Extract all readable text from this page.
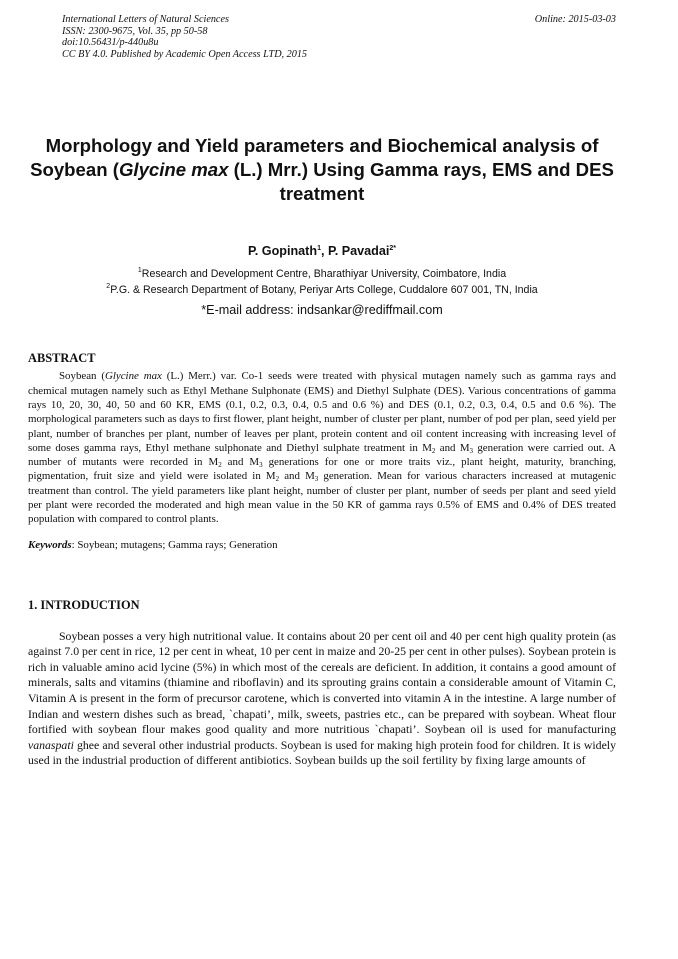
International Letters of Natural Sciences
ISSN: 2300-9675, Vol. 35, pp 50-58
doi:10.56431/p-440u8u
CC BY 4.0. Published by Academic Open Access LTD, 2015
Online: 2015-03-03
Morphology and Yield parameters and Biochemical analysis of Soybean (Glycine max (L.) Mrr.) Using Gamma rays, EMS and DES treatment
P. Gopinath$^1$, P. Pavadai$^{2*}$
$^1$Research and Development Centre, Bharathiyar University, Coimbatore, India
$^2$P.G. & Research Department of Botany, Periyar Arts College, Cuddalore 607 001, TN, India
*E-mail address: indsankar@rediffmail.com
ABSTRACT

Soybean (Glycine max (L.) Merr.) var. Co-1 seeds were treated with physical mutagen namely such as gamma rays and chemical mutagen namely such as Ethyl Methane Sulphonate (EMS) and Diethyl Sulphate (DES). Various concentrations of gamma rays 10, 20, 30, 40, 50 and 60 KR, EMS (0.1, 0.2, 0.3, 0.4, 0.5 and 0.6 %) and DES (0.1, 0.2, 0.3, 0.4, 0.5 and 0.6 %). The morphological parameters such as days to first flower, plant height, number of cluster per plant, number of pod per plan, seed yield per plant, number of branches per plant, number of leaves per plant, protein content and oil content increasing with increasing level of some doses gamma rays, Ethyl methane sulphonate and Diethyl sulphate treatment in $M_2$ and $M_3$ generation were carried out. A number of mutants were recorded in $M_2$ and $M_3$ generations for one or more traits viz., plant height, maturity, branching, pigmentation, fruit size and yield were isolated in $M_2$ and $M_3$ generation. Mean for various characters increased at mutagenic treatment than control. The yield parameters like plant height, number of cluster per plant, number of seeds per plant and seed yield per plant were recorded the moderated and high mean value in the 50 KR of gamma rays 0.5% of EMS and 0.4% of DES treated population with compared to control plants.

Keywords: Soybean; mutagens; Gamma rays; Generation
1. INTRODUCTION

Soybean posses a very high nutritional value. It contains about 20 per cent oil and 40 per cent high quality protein (as against 7.0 per cent in rice, 12 per cent in wheat, 10 per cent in maize and 20-25 per cent in other pulses). Soybean protein is rich in valuable amino acid lycine (5%) in which most of the cereals are deficient. In addition, it contains a good amount of minerals, salts and vitamins (thiamine and riboflavin) and its sprouting grains contain a considerable amount of Vitamin C, Vitamin A is present in the form of precursor carotene, which is converted into vitamin A in the intestine. A large number of Indian and western dishes such as bread, `chapati’, milk, sweets, pastries etc., can be prepared with soybean. Wheat flour fortified with soybean flour makes good quality and more nutritious `chapati’. Soybean oil is used for manufacturing vanaspati ghee and several other industrial products. Soybean is used for making high protein food for children. It is widely used in the industrial production of different antibiotics. Soybean builds up the soil fertility by fixing large amounts of
